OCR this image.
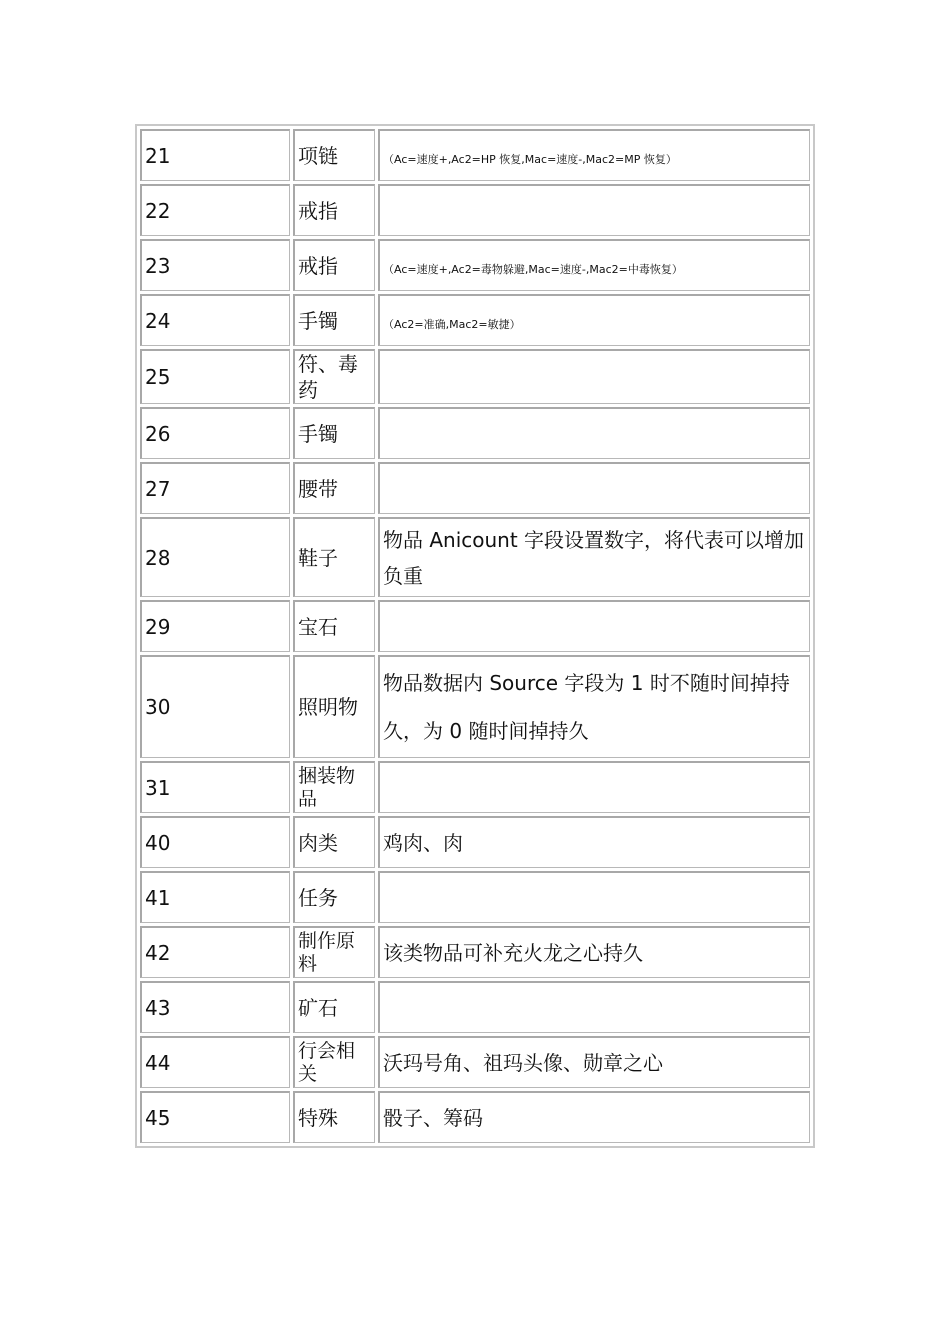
21	项链	（Ac=速度+,Ac2=HP 恢复,Mac=速度-,Mac2=MP 恢复）
22	戒指	
23	戒指	（Ac=速度+,Ac2=毒物躲避,Mac=速度-,Mac2=中毒恢复）
24	手镯	（Ac2=准确,Mac2=敏捷）
25	符、毒药	
26	手镯	
27	腰带	
28	鞋子	物品 Anicount 字段设置数字，将代表可以增加负重
29	宝石	
30	照明物	物品数据内 Source 字段为 1 时不随时间掉持久，为 0 随时间掉持久
31	捆装物品	
40	肉类	鸡肉、肉
41	任务	
42	制作原料	该类物品可补充火龙之心持久
43	矿石	
44	行会相关	沃玛号角、祖玛头像、勋章之心
45	特殊	骰子、筹码
